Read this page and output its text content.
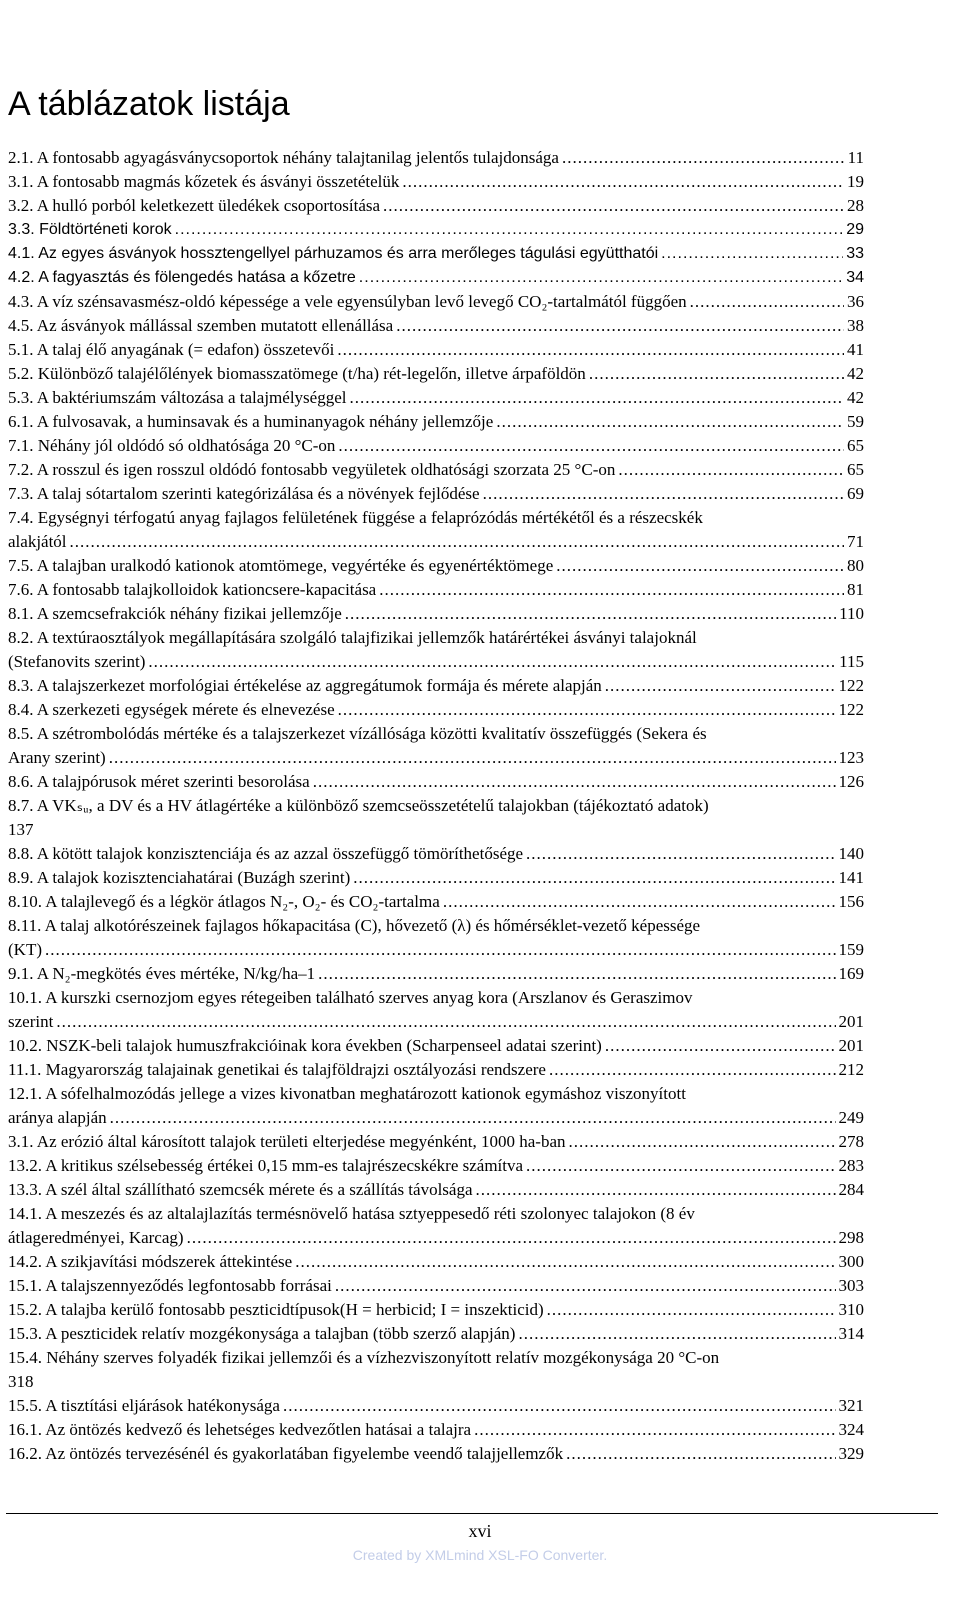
A táblázatok listája
2.1. A fontosabb agyagásványcsoportok néhány talajtanilag jelentős tulajdonsága .....	11
3.1. A fontosabb magmás kőzetek és ásványi összetételük .....	19
3.2. A hulló porból keletkezett üledékek csoportosítása .....	28
3.3. Földtörténeti korok .....	29
4.1. Az egyes ásványok hossztengellyel párhuzamos és arra merőleges tágulási együtthatói .....	33
4.2. A fagyasztás és fölengedés hatása a kőzetre .....	34
4.3. A víz szénsavasmész-oldó képessége a vele egyensúlyban levő levegő CO₂-tartalmától függően .....	36
4.5. Az ásványok mállással szemben mutatott ellenállása .....	38
5.1. A talaj élő anyagának (= edafon) összetevői .....	41
5.2. Különböző talajélőlények biomasszatömege (t/ha) rét-legelőn, illetve árpaföldön .....	42
5.3. A baktériumszám változása a talajmélységgel .....	42
6.1. A fulvosavak, a huminsavak és a huminanyagok néhány jellemzője .....	59
7.1. Néhány jól oldódó só oldhatósága 20 °C-on .....	65
7.2. A rosszul és igen rosszul oldódó fontosabb vegyületek oldhatósági szorzata 25 °C-on .....	65
7.3. A talaj sótartalom szerinti kategórizálása és a növények fejlődése .....	69
7.4. Egységnyi térfogatú anyag fajlagos felületének függése a felaprózódás mértékétől és a részecskék
alakjától .....	71
7.5. A talajban uralkodó kationok atomtömege, vegyértéke és egyenértéktömege .....	80
7.6. A fontosabb talajkolloidok kationcsere-kapacitása .....	81
8.1. A szemcsefrakciók néhány fizikai jellemzője .....	110
8.2. A textúraosztályok megállapítására szolgáló talajfizikai jellemzők határértékei ásványi talajoknál
(Stefanovits szerint) .....	115
8.3. A talajszerkezet morfológiai értékelése az aggregátumok formája és mérete alapján .....	122
8.4. A szerkezeti egységek mérete és elnevezése .....	122
8.5. A szétrombolódás mértéke és a talajszerkezet vízállósága közötti kvalitatív összefüggés (Sekera és
Arany szerint) .....	123
8.6. A talajpórusok méret szerinti besorolása .....	126
8.7. A VKₛᵤ, a DV és a HV átlagértéke a különböző szemcseösszetételű talajokban (tájékoztató adatok)
137
8.8. A kötött talajok konzisztenciája és az azzal összefüggő tömöríthetősége .....	140
8.9. A talajok kozisztenciahatárai (Buzágh szerint) .....	141
8.10. A talajlevegő és a légkör átlagos N₂-, O₂- és CO₂-tartalma .....	156
8.11. A talaj alkotórészeinek fajlagos hőkapacitása (C), hővezető (λ) és hőmérséklet-vezető képessége
(KT) .....	159
9.1. A N₂-megkötés éves mértéke, N/kg/ha–1 .....	169
10.1. A kurszki csernozjom egyes rétegeiben található szerves anyag kora (Arszlanov és Geraszimov
szerint .....	201
10.2. NSZK-beli talajok humuszfrakcióinak kora években (Scharpenseel adatai szerint) .....	201
11.1. Magyarország talajainak genetikai és talajföldrajzi osztályozási rendszere .....	212
12.1. A sófelhalmozódás jellege a vizes kivonatban meghatározott kationok egymáshoz viszonyított
aránya alapján .....	249
3.1. Az erózió által károsított talajok területi elterjedése megyénként, 1000 ha-ban .....	278
13.2. A kritikus szélsebesség értékei 0,15 mm-es talajrészecskékre számítva .....	283
13.3. A szél által szállítható szemcsék mérete és a szállítás távolsága .....	284
14.1. A meszezés és az altalajlazítás termésnövelő hatása sztyeppesedő réti szolonyec talajokon (8 év
átlageredményei, Karcag) .....	298
14.2. A szikjavítási módszerek áttekintése .....	300
15.1. A talajszennyeződés legfontosabb forrásai .....	303
15.2. A talajba kerülő fontosabb peszticidtípusok(H = herbicid; I = inszekticid) .....	310
15.3. A peszticidek relatív mozgékonysága a talajban (több szerző alapján) .....	314
15.4. Néhány szerves folyadék fizikai jellemzői és a vízhezviszonyított relatív mozgékonysága 20 °C-on
318
15.5. A tisztítási eljárások hatékonysága .....	321
16.1. Az öntözés kedvező és lehetséges kedvezőtlen hatásai a talajra .....	324
16.2. Az öntözés tervezésénél és gyakorlatában figyelembe veendő talajjellemzők .....	329
xvi
Created by XMLmind XSL-FO Converter.
